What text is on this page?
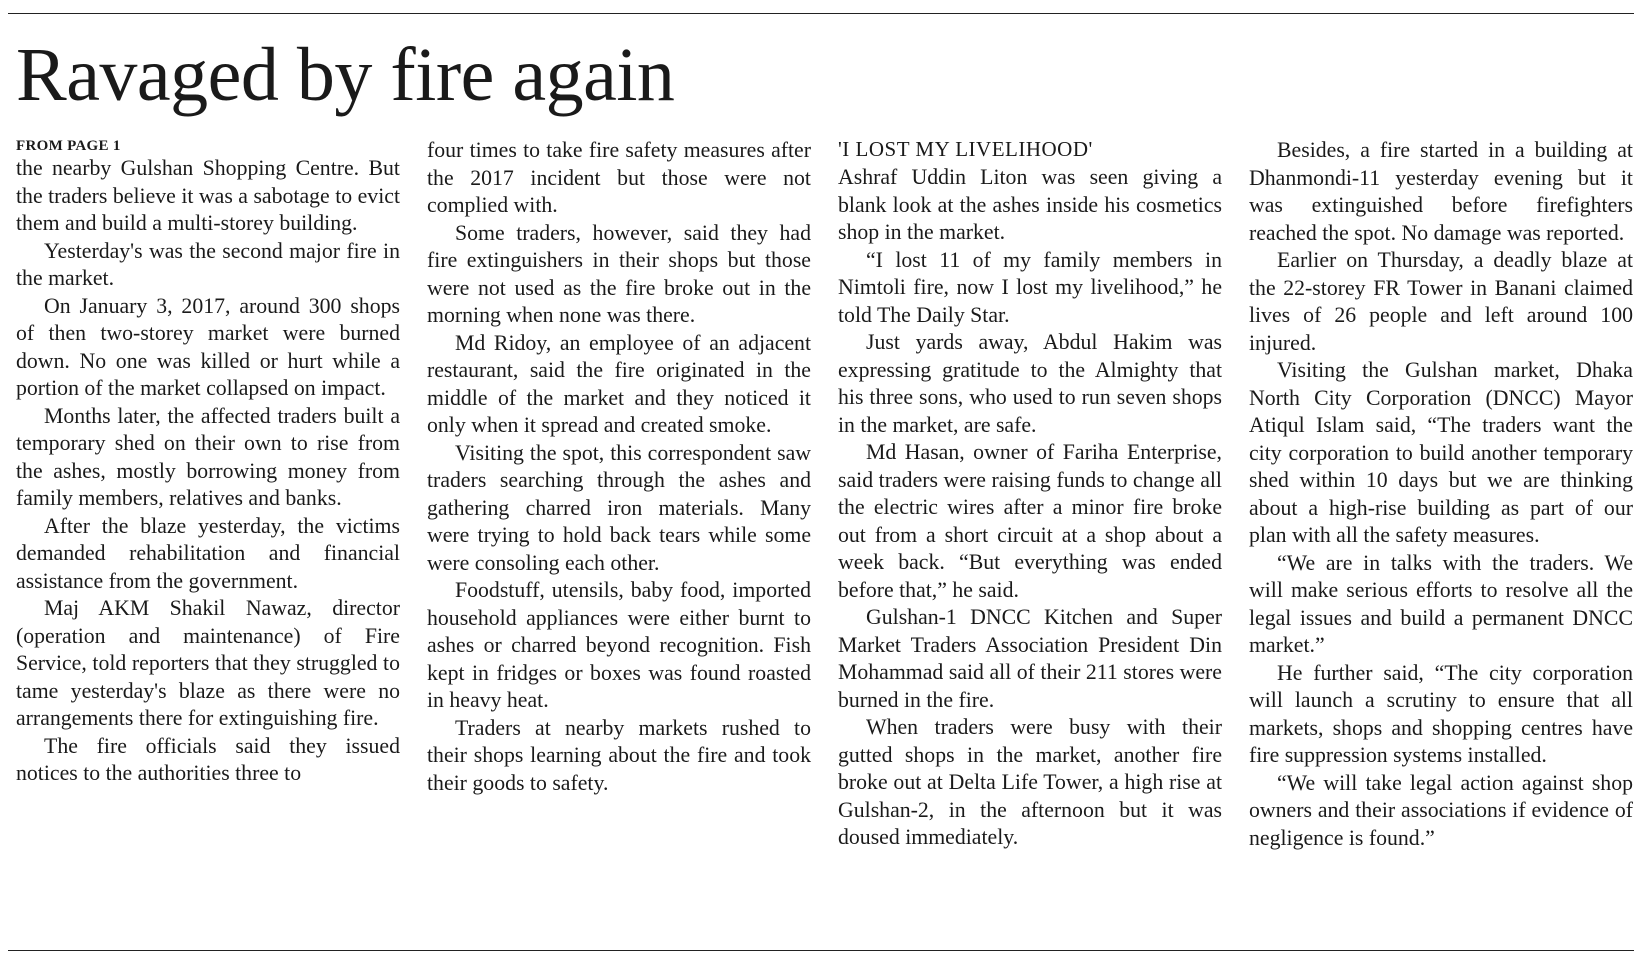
Ravaged by fire again
FROM PAGE 1

the nearby Gulshan Shopping Centre. But the traders believe it was a sabotage to evict them and build a multi-storey building.

Yesterday's was the second major fire in the market.

On January 3, 2017, around 300 shops of then two-storey market were burned down. No one was killed or hurt while a portion of the market collapsed on impact.

Months later, the affected traders built a temporary shed on their own to rise from the ashes, mostly borrowing money from family members, relatives and banks.

After the blaze yesterday, the victims demanded rehabilitation and financial assistance from the government.

Maj AKM Shakil Nawaz, director (operation and maintenance) of Fire Service, told reporters that they struggled to tame yesterday's blaze as there were no arrangements there for extinguishing fire.

The fire officials said they issued notices to the authorities three to

four times to take fire safety measures after the 2017 incident but those were not complied with.

Some traders, however, said they had fire extinguishers in their shops but those were not used as the fire broke out in the morning when none was there.

Md Ridoy, an employee of an adjacent restaurant, said the fire originated in the middle of the market and they noticed it only when it spread and created smoke.

Visiting the spot, this correspondent saw traders searching through the ashes and gathering charred iron materials. Many were trying to hold back tears while some were consoling each other.

Foodstuff, utensils, baby food, imported household appliances were either burnt to ashes or charred beyond recognition. Fish kept in fridges or boxes was found roasted in heavy heat.

Traders at nearby markets rushed to their shops learning about the fire and took their goods to safety.

'I LOST MY LIVELIHOOD'

Ashraf Uddin Liton was seen giving a blank look at the ashes inside his cosmetics shop in the market.

“I lost 11 of my family members in Nimtoli fire, now I lost my livelihood,” he told The Daily Star.

Just yards away, Abdul Hakim was expressing gratitude to the Almighty that his three sons, who used to run seven shops in the market, are safe.

Md Hasan, owner of Fariha Enterprise, said traders were raising funds to change all the electric wires after a minor fire broke out from a short circuit at a shop about a week back. “But everything was ended before that,” he said.

Gulshan-1 DNCC Kitchen and Super Market Traders Association President Din Mohammad said all of their 211 stores were burned in the fire.

When traders were busy with their gutted shops in the market, another fire broke out at Delta Life Tower, a high rise at Gulshan-2, in the afternoon but it was doused immediately.

Besides, a fire started in a building at Dhanmondi-11 yesterday evening but it was extinguished before firefighters reached the spot. No damage was reported.

Earlier on Thursday, a deadly blaze at the 22-storey FR Tower in Banani claimed lives of 26 people and left around 100 injured.

Visiting the Gulshan market, Dhaka North City Corporation (DNCC) Mayor Atiqul Islam said, “The traders want the city corporation to build another temporary shed within 10 days but we are thinking about a high-rise building as part of our plan with all the safety measures.

“We are in talks with the traders. We will make serious efforts to resolve all the legal issues and build a permanent DNCC market.”

He further said, “The city corporation will launch a scrutiny to ensure that all markets, shops and shopping centres have fire suppression systems installed.

“We will take legal action against shop owners and their associations if evidence of negligence is found.”
